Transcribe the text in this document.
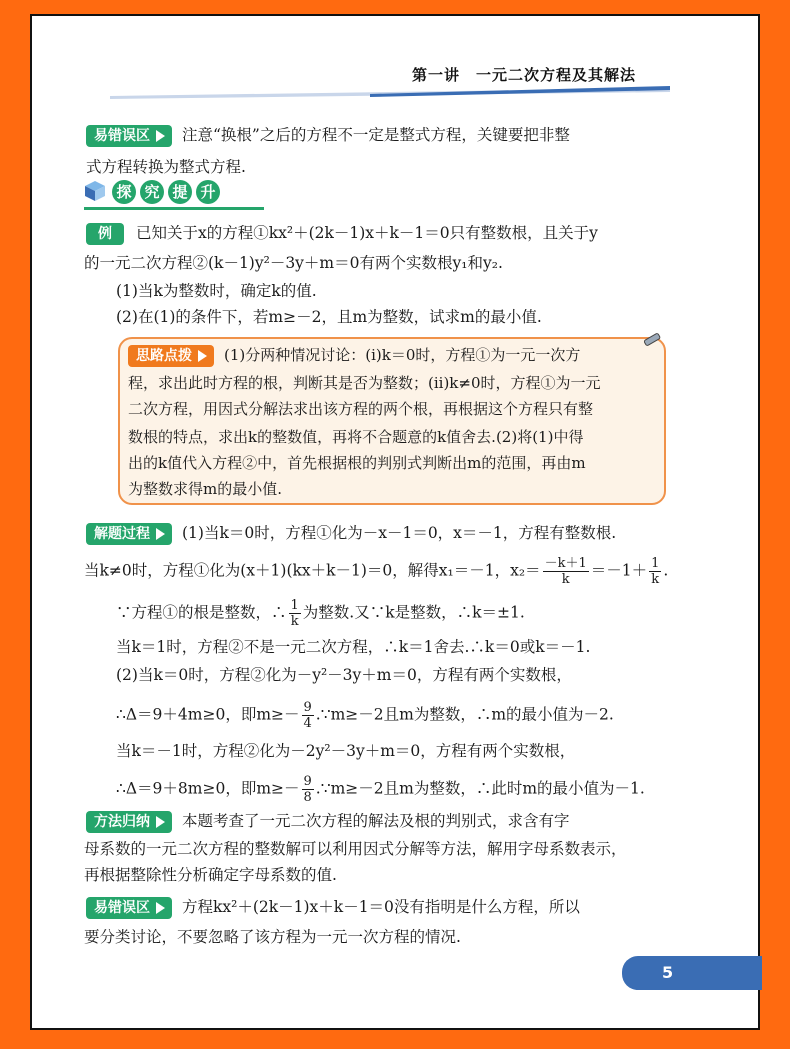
第一讲　一元二次方程及其解法
易错误区 注意“换根”之后的方程不一定是整式方程，关键要把非整
式方程转换为整式方程.
探 究 提 升
例 已知关于x的方程①kx²＋(2k－1)x＋k－1＝0只有整数根，且关于y
的一元二次方程②(k－1)y²－3y＋m＝0有两个实数根y₁和y₂.
(1)当k为整数时，确定k的值.
(2)在(1)的条件下，若m≥－2，且m为整数，试求m的最小值.
思路点拨 (1)分两种情况讨论：(i)k＝0时，方程①为一元一次方
程，求出此时方程的根，判断其是否为整数；(ii)k≠0时，方程①为一元
二次方程，用因式分解法求出该方程的两个根，再根据这个方程只有整
数根的特点，求出k的整数值，再将不合题意的k值舍去.(2)将(1)中得
出的k值代入方程②中，首先根据根的判别式判断出m的范围，再由m
为整数求得m的最小值.
解题过程 (1)当k＝0时，方程①化为－x－1＝0，x＝－1，方程有整数根.
当k≠0时，方程①化为(x＋1)(kx＋k－1)＝0，解得x₁＝－1，$x_2= \frac{-k+1}{k} =-1+ \frac{1}{k}$ .
∵方程①的根是整数，∴ $\frac{1}{k}$ 为整数.又∵k是整数，∴k＝±1.
当k＝1时，方程②不是一元二次方程，∴k＝1舍去.∴k＝0或k＝－1.
(2)当k＝0时，方程②化为－y²－3y＋m＝0，方程有两个实数根，
∴Δ＝9＋4m≥0，即$m\ge- \frac{9}{4}$ .∵m≥－2且m为整数，∴m的最小值为－2.
当k＝－1时，方程②化为－2y²－3y＋m＝0，方程有两个实数根，
∴Δ＝9＋8m≥0，即$m\ge- \frac{9}{8}$ .∵m≥－2且m为整数，∴此时m的最小值为－1.
方法归纳 本题考查了一元二次方程的解法及根的判别式，求含有字
母系数的一元二次方程的整数解可以利用因式分解等方法，解用字母系数表示，
再根据整除性分析确定字母系数的值.
易错误区 方程kx²＋(2k－1)x＋k－1＝0没有指明是什么方程，所以
要分类讨论，不要忽略了该方程为一元一次方程的情况.
5
